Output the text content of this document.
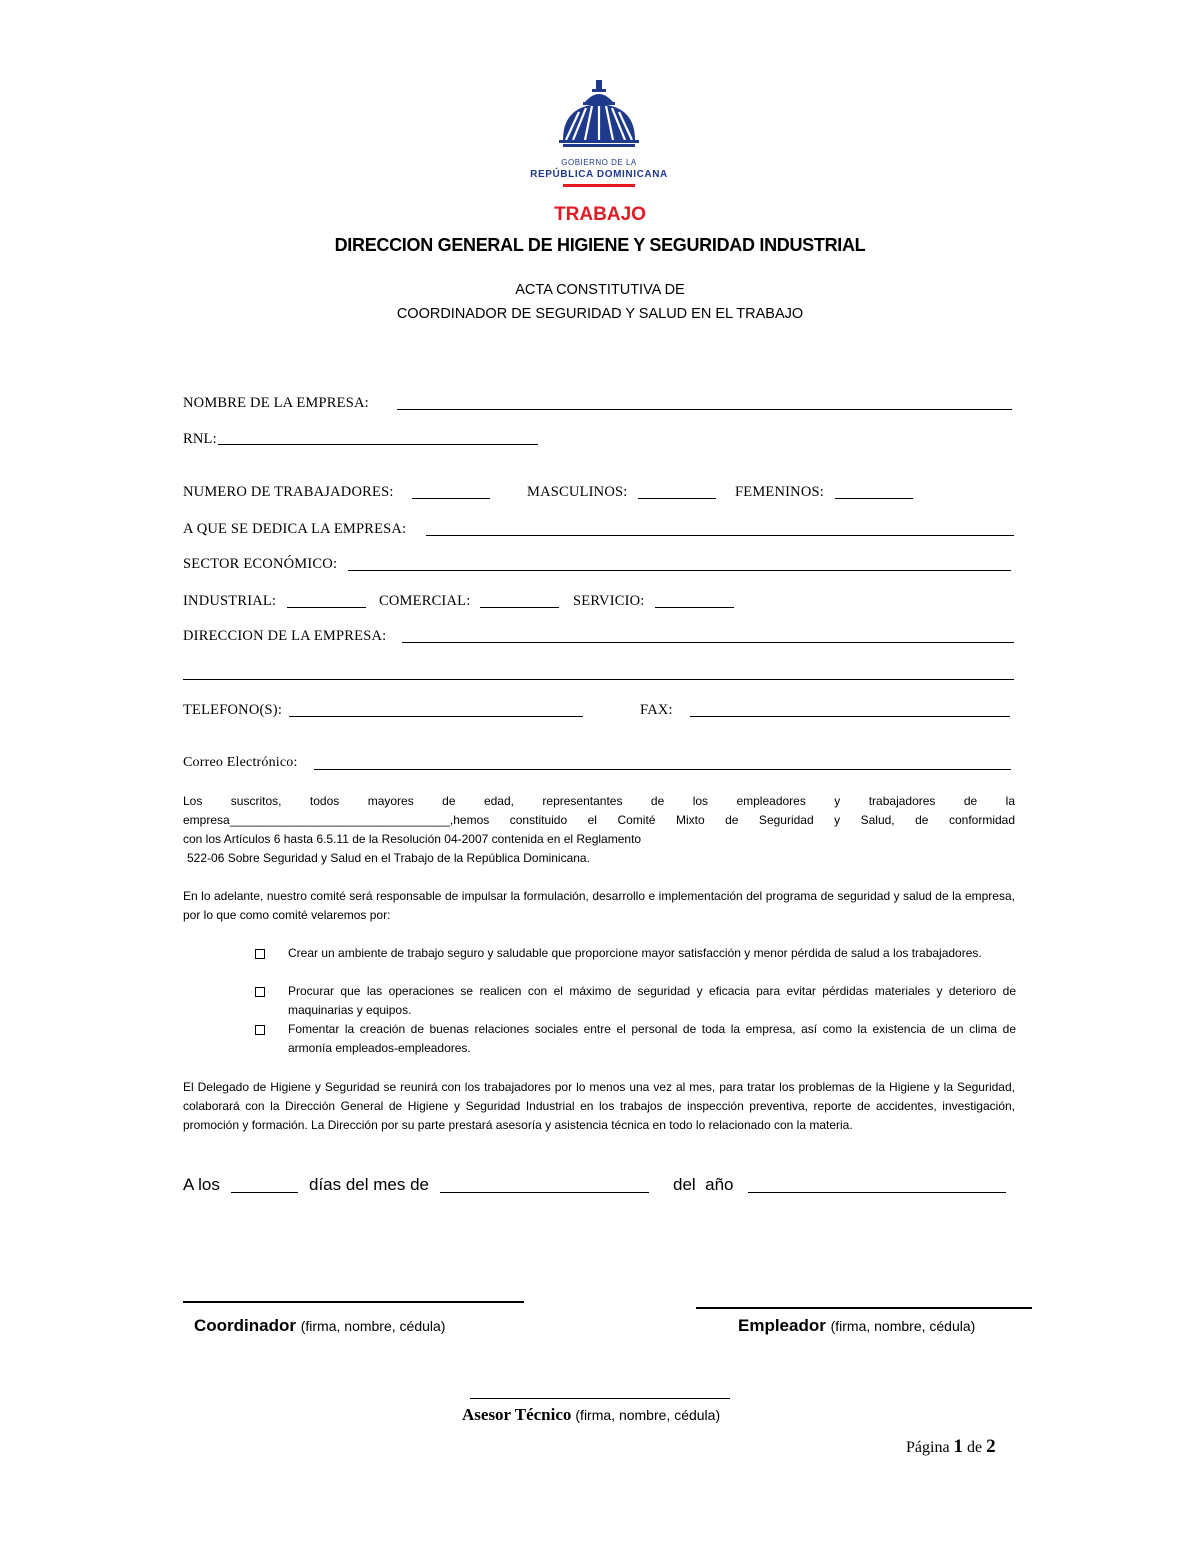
GOBIERNO DE LA
REPÚBLICA DOMINICANA
TRABAJO
DIRECCION GENERAL DE HIGIENE Y SEGURIDAD INDUSTRIAL
ACTA CONSTITUTIVA DE
COORDINADOR DE SEGURIDAD Y SALUD EN EL TRABAJO
NOMBRE DE LA EMPRESA:
RNL:
NUMERO DE TRABAJADORES:	MASCULINOS:	FEMENINOS:
A QUE SE DEDICA LA EMPRESA:
SECTOR ECONÓMICO:
INDUSTRIAL:	COMERCIAL:	SERVICIO:
DIRECCION DE LA EMPRESA:
TELEFONO(S):	FAX:
Correo Electrónico:
Los suscritos, todos mayores de edad, representantes de los empleadores y trabajadores de la
empresa_________________________________,hemos constituido el Comité Mixto de Seguridad y Salud, de conformidad
con los Artículos 6 hasta 6.5.11 de la Resolución 04-2007 contenida en el Reglamento
522-06 Sobre Seguridad y Salud en el Trabajo de la República Dominicana.
En lo adelante, nuestro comité será responsable de impulsar la formulación, desarrollo e implementación del programa de seguridad y salud de la empresa, por lo que como comité velaremos por:
Crear un ambiente de trabajo seguro y saludable que proporcione mayor satisfacción y menor pérdida de salud a los trabajadores.
Procurar que las operaciones se realicen con el máximo de seguridad y eficacia para evitar pérdidas materiales y deterioro de maquinarias y equipos.
Fomentar la creación de buenas relaciones sociales entre el personal de toda la empresa, así como la existencia de un clima de armonía empleados-empleadores.
El Delegado de Higiene y Seguridad se reunirá con los trabajadores por lo menos una vez al mes, para tratar los problemas de la Higiene y la Seguridad, colaborará con la Dirección General de Higiene y Seguridad Industrial en los trabajos de inspección preventiva, reporte de accidentes, investigación, promoción y formación. La Dirección por su parte prestará asesoría y asistencia técnica en todo lo relacionado con la materia.
A los	días del mes de	del  año
Coordinador (firma, nombre, cédula)	Empleador (firma, nombre, cédula)
Asesor Técnico (firma, nombre, cédula)
Página 1 de 2
